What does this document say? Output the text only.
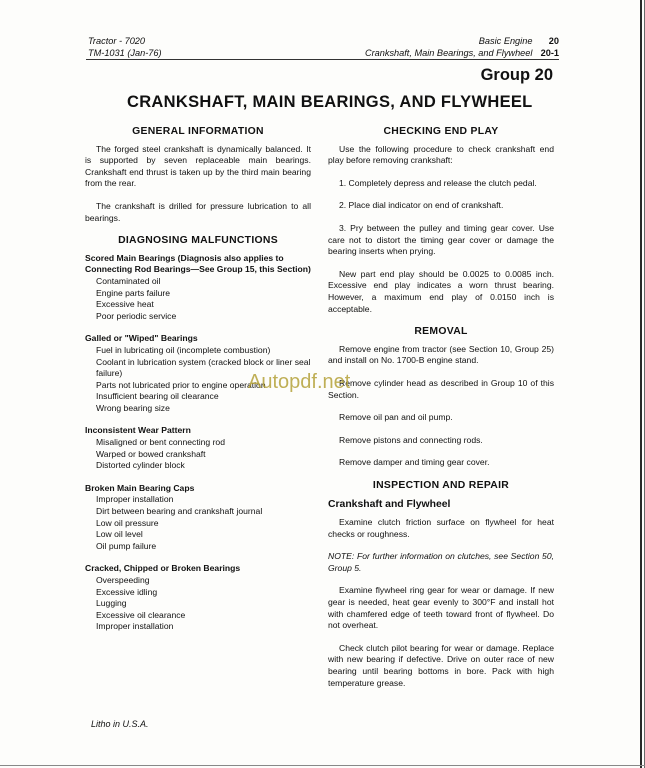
Tractor - 7020
TM-1031 (Jan-76)
Basic Engine 20
Crankshaft, Main Bearings, and Flywheel 20-1
Group 20
CRANKSHAFT, MAIN BEARINGS, AND FLYWHEEL
GENERAL INFORMATION

The forged steel crankshaft is dynamically balanced. It is supported by seven replaceable main bearings. Crankshaft end thrust is taken up by the third main bearing from the rear.

The crankshaft is drilled for pressure lubrication to all bearings.

DIAGNOSING MALFUNCTIONS
Scored Main Bearings (Diagnosis also applies to Connecting Rod Bearings—See Group 15, this Section)
Contaminated oil
Engine parts failure
Excessive heat
Poor periodic service
Galled or "Wiped" Bearings
Fuel in lubricating oil (incomplete combustion)
Coolant in lubrication system (cracked block or liner seal failure)
Parts not lubricated prior to engine operation
Insufficient bearing oil clearance
Wrong bearing size
Inconsistent Wear Pattern
Misaligned or bent connecting rod
Warped or bowed crankshaft
Distorted cylinder block
Broken Main Bearing Caps
Improper installation
Dirt between bearing and crankshaft journal
Low oil pressure
Low oil level
Oil pump failure
Cracked, Chipped or Broken Bearings
Overspeeding
Excessive idling
Lugging
Excessive oil clearance
Improper installation
CHECKING END PLAY

Use the following procedure to check crankshaft end play before removing crankshaft:

1. Completely depress and release the clutch pedal.

2. Place dial indicator on end of crankshaft.

3. Pry between the pulley and timing gear cover. Use care not to distort the timing gear cover or damage the bearing inserts when prying.

New part end play should be 0.0025 to 0.0085 inch. Excessive end play indicates a worn thrust bearing. However, a maximum end play of 0.0150 inch is acceptable.

REMOVAL

Remove engine from tractor (see Section 10, Group 25) and install on No. 1700-B engine stand.

Remove cylinder head as described in Group 10 of this Section.

Remove oil pan and oil pump.

Remove pistons and connecting rods.

Remove damper and timing gear cover.

INSPECTION AND REPAIR
Crankshaft and Flywheel

Examine clutch friction surface on flywheel for heat checks or roughness.

NOTE: For further information on clutches, see Section 50, Group 5.

Examine flywheel ring gear for wear or damage. If new gear is needed, heat gear evenly to 300°F and install hot with chamfered edge of teeth toward front of flywheel. Do not overheat.

Check clutch pilot bearing for wear or damage. Replace with new bearing if defective. Drive on outer race of new bearing until bearing bottoms in bore. Pack with high temperature grease.

Autopdf.net
Litho in U.S.A.
